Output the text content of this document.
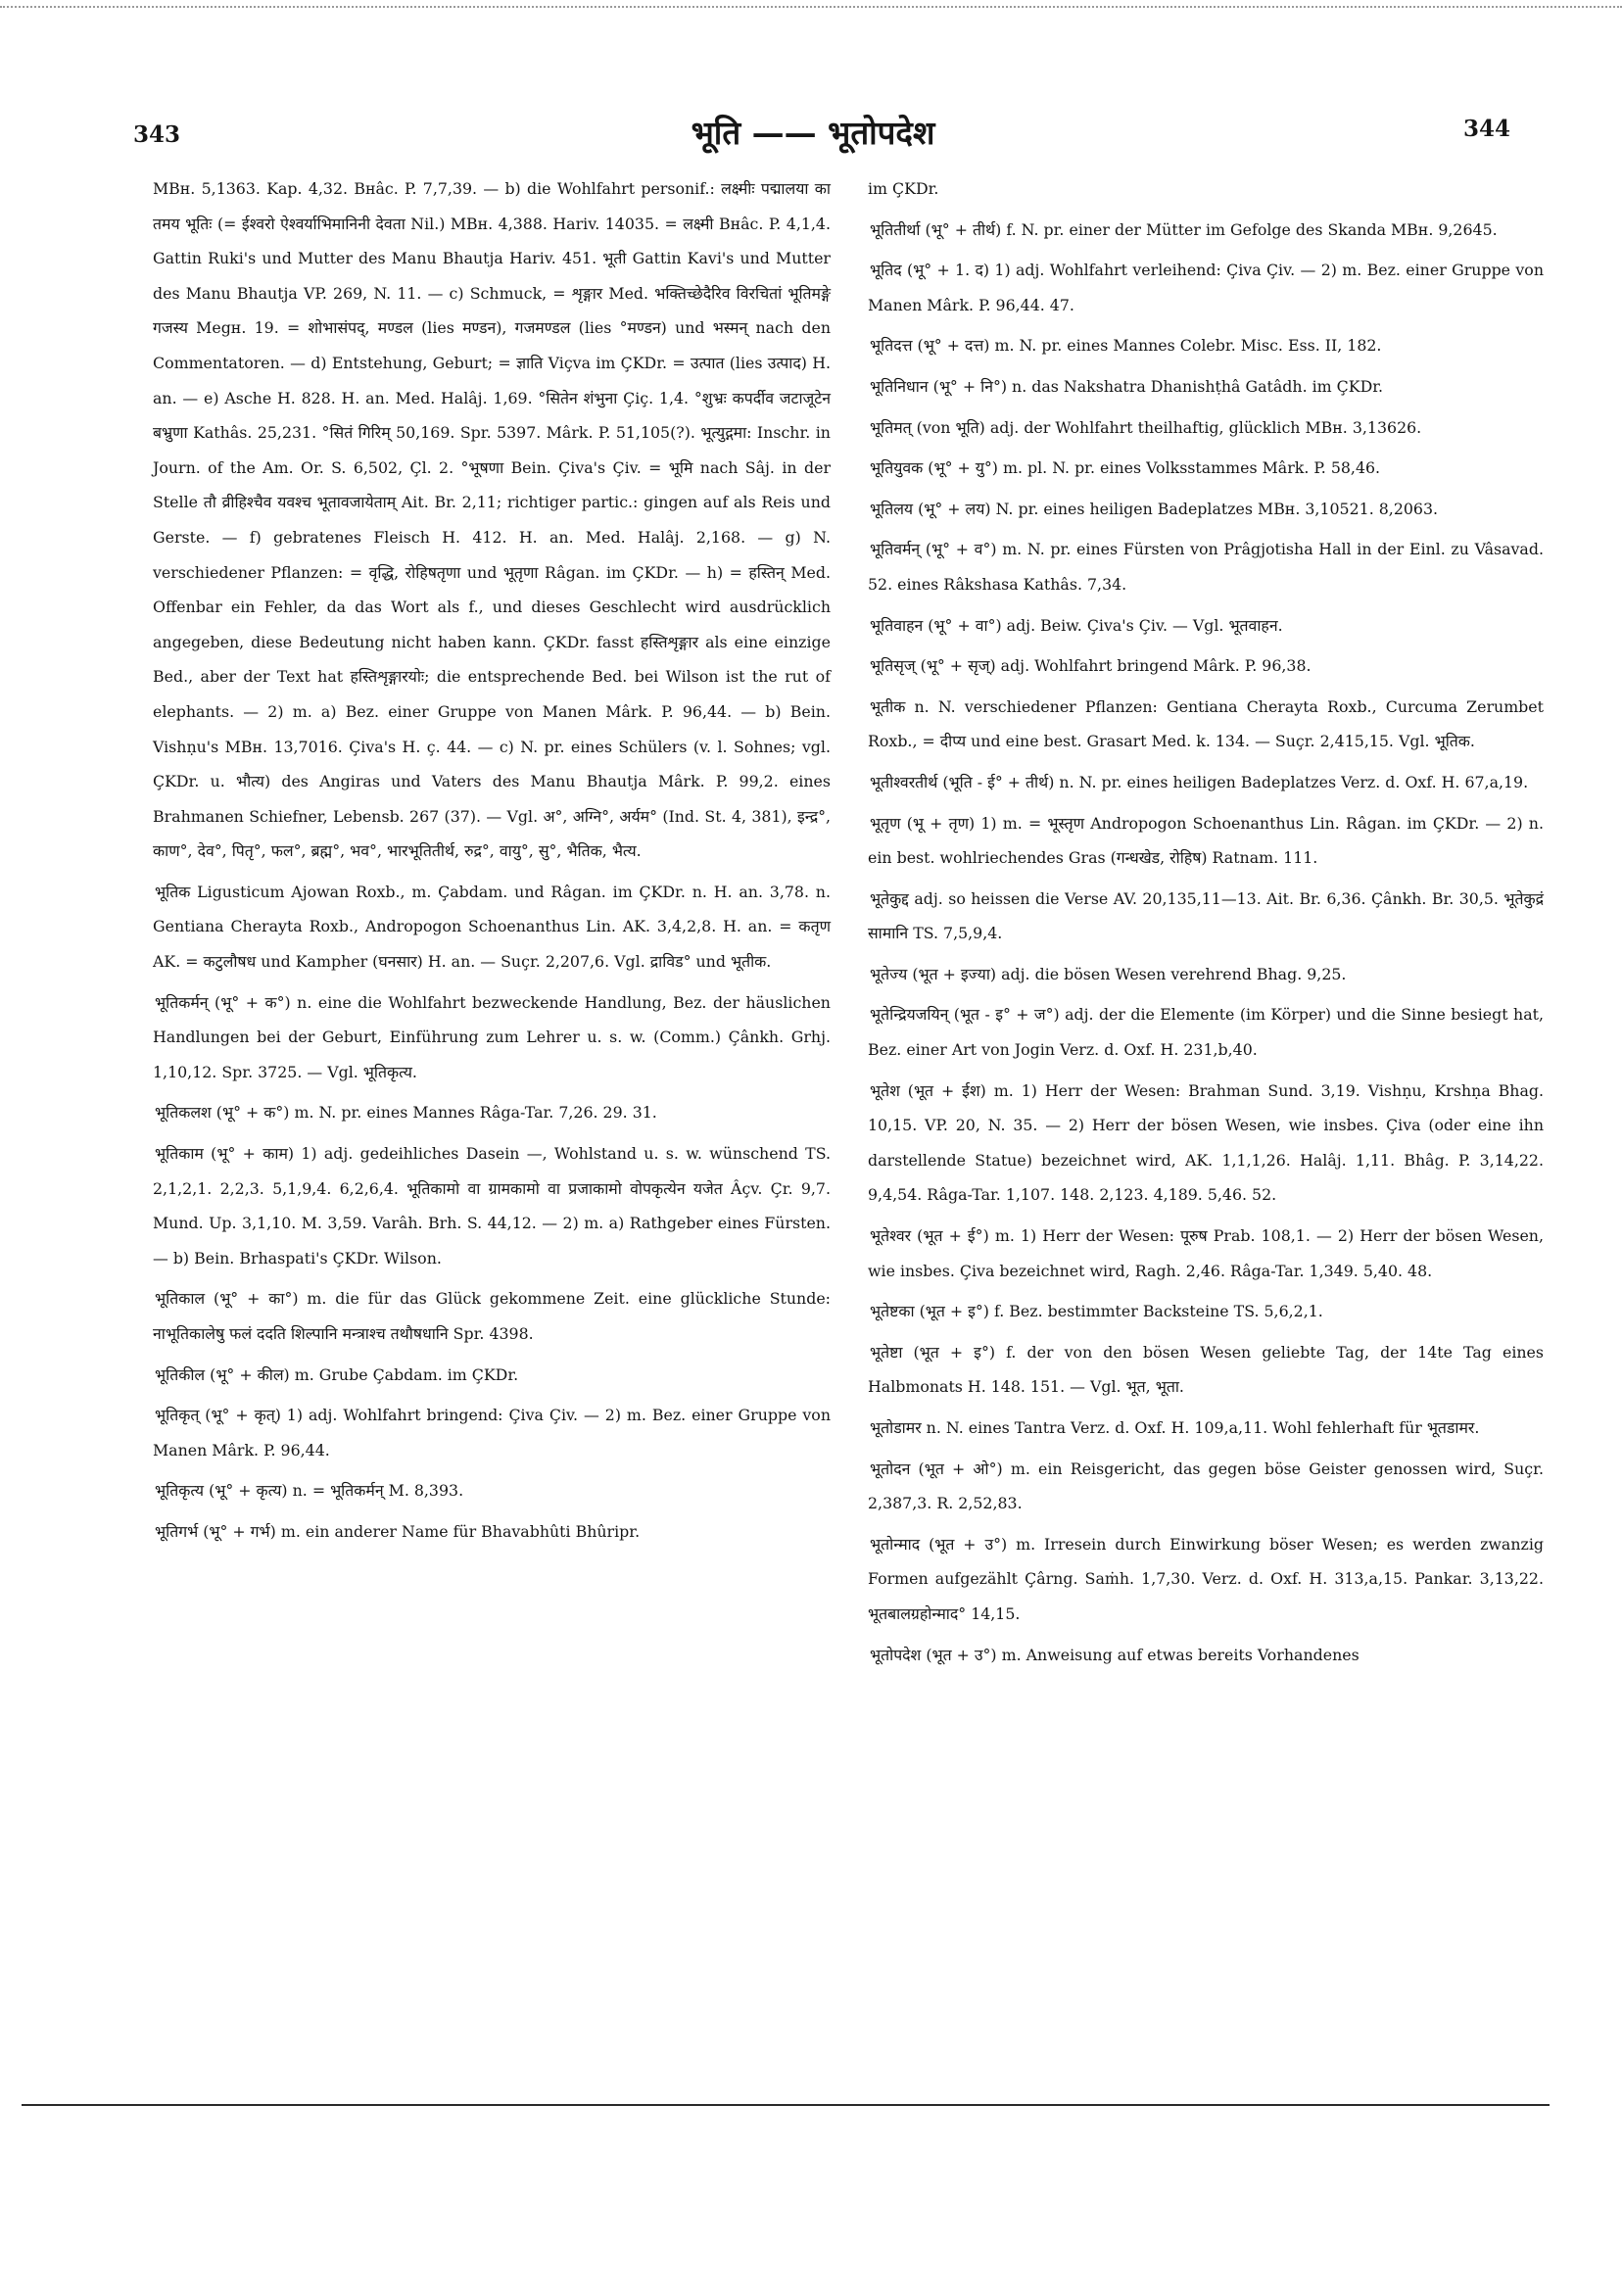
343	भूति —— भूतोपदेश	344

MBн. 5,1363. Kap. 4,32. Bнâc. P. 7,7,39. — b) die Wohlfahrt personif.: लक्ष्मीः पद्मालया का तमय भूतिः (= ईश्वरो ऐश्वर्याभिमानिनी देवता Nil.) MBн. 4,388. Hariv. 14035. = लक्ष्मी Bнâc. P. 4,1,4. Gattin Ruki's und Mutter des Manu Bhautja Hariv. 451. भूती Gattin Kavi's und Mutter des Manu Bhautja VP. 269, N. 11. — c) Schmuck, = शृङ्गार Med. भक्तिच्छेदैरिव विरचितां भूतिमङ्गे गजस्य Megн. 19. = शोभासंपद्, मण्डल (lies मण्डन), गजमण्डल (lies °मण्डन) und भस्मन् nach den Commentatoren. — d) Entstehung, Geburt; = ज्ञाति Viçva im ÇKDr. = उत्पात (lies उत्पाद) H. an. — e) Asche H. 828. H. an. Med. Halâj. 1,69. °सितेन शंभुना Çiç. 1,4. °शुभ्रः कपर्दीव जटाजूटेन बभ्रुणा Kathâs. 25,231. °सितं गिरिम् 50,169. Spr. 5397. Mârk. P. 51,105(?). भूत्युद्गमा: Inschr. in Journ. of the Am. Or. S. 6,502, Çl. 2. °भूषणा Bein. Çiva's Çiv. = भूमि nach Sâj. in der Stelle तौ व्रीहिश्चैव यवश्च भूतावजायेताम् Ait. Br. 2,11; richtiger partic.: gingen auf als Reis und Gerste. — f) gebratenes Fleisch H. 412. H. an. Med. Halâj. 2,168. — g) N. verschiedener Pflanzen: = वृद्धि, रोहिषतृणा und भूतृणा Râgan. im ÇKDr. — h) = हस्तिन् Med. Offenbar ein Fehler, da das Wort als f., und dieses Geschlecht wird ausdrücklich angegeben, diese Bedeutung nicht haben kann. ÇKDr. fasst हस्तिशृङ्गार als eine einzige Bed., aber der Text hat हस्तिशृङ्गारयोः; die entsprechende Bed. bei Wilson ist the rut of elephants. — 2) m. a) Bez. einer Gruppe von Manen Mârk. P. 96,44. — b) Bein. Vishṇu's MBн. 13,7016. Çiva's H. ç. 44. — c) N. pr. eines Schülers (v. l. Sohnes; vgl. ÇKDr. u. भौत्य) des Angiras und Vaters des Manu Bhautja Mârk. P. 99,2. eines Brahmanen Schiefner, Lebensb. 267 (37). — Vgl. अ°, अग्नि°, अर्यम° (Ind. St. 4, 381), इन्द्र°, काण°, देव°, पितृ°, फल°, ब्रह्म°, भव°, भारभूतितीर्थ, रुद्र°, वायु°, सु°, भैतिक, भैत्य.

भूतिक Ligusticum Ajowan Roxb., m. Çabdam. und Râgan. im ÇKDr. n. H. an. 3,78. n. Gentiana Cherayta Roxb., Andropogon Schoenanthus Lin. AK. 3,4,2,8. H. an. = कतृण AK. = कटुलौषध und Kampher (घनसार) H. an. — Suçr. 2,207,6. Vgl. द्राविड° und भूतीक.

भूतिकर्मन् (भू° + क°) n. eine die Wohlfahrt bezweckende Handlung, Bez. der häuslichen Handlungen bei der Geburt, Einführung zum Lehrer u. s. w. (Comm.) Çânkh. Grhj. 1,10,12. Spr. 3725. — Vgl. भूतिकृत्य.

भूतिकलश (भू° + क°) m. N. pr. eines Mannes Râga-Tar. 7,26. 29. 31.

भूतिकाम (भू° + काम) 1) adj. gedeihliches Dasein —, Wohlstand u. s. w. wünschend TS. 2,1,2,1. 2,2,3. 5,1,9,4. 6,2,6,4. भूतिकामो वा ग्रामकामो वा प्रजाकामो वोपकृत्येन यजेत Âçv. Çr. 9,7. Mund. Up. 3,1,10. M. 3,59. Varâh. Brh. S. 44,12. — 2) m. a) Rathgeber eines Fürsten. — b) Bein. Brhaspati's ÇKDr. Wilson.

भूतिकाल (भू° + का°) m. die für das Glück gekommene Zeit. eine glückliche Stunde: नाभूतिकालेषु फलं ददति शिल्पानि मन्त्राश्च तथौषधानि Spr. 4398.

भूतिकील (भू° + कील) m. Grube Çabdam. im ÇKDr.

भूतिकृत् (भू° + कृत्) 1) adj. Wohlfahrt bringend: Çiva Çiv. — 2) m. Bez. einer Gruppe von Manen Mârk. P. 96,44.

भूतिकृत्य (भू° + कृत्य) n. = भूतिकर्मन् M. 8,393.

भूतिगर्भ (भू° + गर्भ) m. ein anderer Name für Bhavabhûti Bhûripr.

im ÇKDr.

भूतितीर्था (भू° + तीर्थ) f. N. pr. einer der Mütter im Gefolge des Skanda MBн. 9,2645.

भूतिद (भू° + 1. द) 1) adj. Wohlfahrt verleihend: Çiva Çiv. — 2) m. Bez. einer Gruppe von Manen Mârk. P. 96,44. 47.

भूतिदत्त (भू° + दत्त) m. N. pr. eines Mannes Colebr. Misc. Ess. II, 182.

भूतिनिधान (भू° + नि°) n. das Nakshatra Dhanishṭhâ Gatâdh. im ÇKDr.

भूतिमत् (von भूति) adj. der Wohlfahrt theilhaftig, glücklich MBн. 3,13626.

भूतियुवक (भू° + यु°) m. pl. N. pr. eines Volksstammes Mârk. P. 58,46.

भूतिलय (भू° + लय) N. pr. eines heiligen Badeplatzes MBн. 3,10521. 8,2063.

भूतिवर्मन् (भू° + व°) m. N. pr. eines Fürsten von Prâgjotisha Hall in der Einl. zu Vâsavad. 52. eines Râkshasa Kathâs. 7,34.

भूतिवाहन (भू° + वा°) adj. Beiw. Çiva's Çiv. — Vgl. भूतवाहन.

भूतिसृज् (भू° + सृज्) adj. Wohlfahrt bringend Mârk. P. 96,38.

भूतीक n. N. verschiedener Pflanzen: Gentiana Cherayta Roxb., Curcuma Zerumbet Roxb., = दीप्य und eine best. Grasart Med. k. 134. — Suçr. 2,415,15. Vgl. भूतिक.

भूतीश्वरतीर्थ (भूति - ई° + तीर्थ) n. N. pr. eines heiligen Badeplatzes Verz. d. Oxf. H. 67,a,19.

भूतृण (भू + तृण) 1) m. = भूस्तृण Andropogon Schoenanthus Lin. Râgan. im ÇKDr. — 2) n. ein best. wohlriechendes Gras (गन्धखेड, रोहिष) Ratnam. 111.

भूतेकुद्द adj. so heissen die Verse AV. 20,135,11—13. Ait. Br. 6,36. Çânkh. Br. 30,5. भूतेकुद्रं सामानि TS. 7,5,9,4.

भूतेज्य (भूत + इज्या) adj. die bösen Wesen verehrend Bhag. 9,25.

भूतेन्द्रियजयिन् (भूत - इ° + ज°) adj. der die Elemente (im Körper) und die Sinne besiegt hat, Bez. einer Art von Jogin Verz. d. Oxf. H. 231,b,40.

भूतेश (भूत + ईश) m. 1) Herr der Wesen: Brahman Sund. 3,19. Vishṇu, Krshṇa Bhag. 10,15. VP. 20, N. 35. — 2) Herr der bösen Wesen, wie insbes. Çiva (oder eine ihn darstellende Statue) bezeichnet wird, AK. 1,1,1,26. Halâj. 1,11. Bhâg. P. 3,14,22. 9,4,54. Râga-Tar. 1,107. 148. 2,123. 4,189. 5,46. 52.

भूतेश्वर (भूत + ई°) m. 1) Herr der Wesen: पूरुष Prab. 108,1. — 2) Herr der bösen Wesen, wie insbes. Çiva bezeichnet wird, Ragh. 2,46. Râga-Tar. 1,349. 5,40. 48.

भूतेष्टका (भूत + इ°) f. Bez. bestimmter Backsteine TS. 5,6,2,1.

भूतेष्टा (भूत + इ°) f. der von den bösen Wesen geliebte Tag, der 14te Tag eines Halbmonats H. 148. 151. — Vgl. भूत, भूता.

भूतोडामर n. N. eines Tantra Verz. d. Oxf. H. 109,a,11. Wohl fehlerhaft für भूतडामर.

भूतोदन (भूत + ओ°) m. ein Reisgericht, das gegen böse Geister genossen wird, Suçr. 2,387,3. R. 2,52,83.

भूतोन्माद (भूत + उ°) m. Irresein durch Einwirkung böser Wesen; es werden zwanzig Formen aufgezählt Çârng. Saṁh. 1,7,30. Verz. d. Oxf. H. 313,a,15. Pankar. 3,13,22. भूतबालग्रहोन्माद° 14,15.

भूतोपदेश (भूत + उ°) m. Anweisung auf etwas bereits Vorhandenes
